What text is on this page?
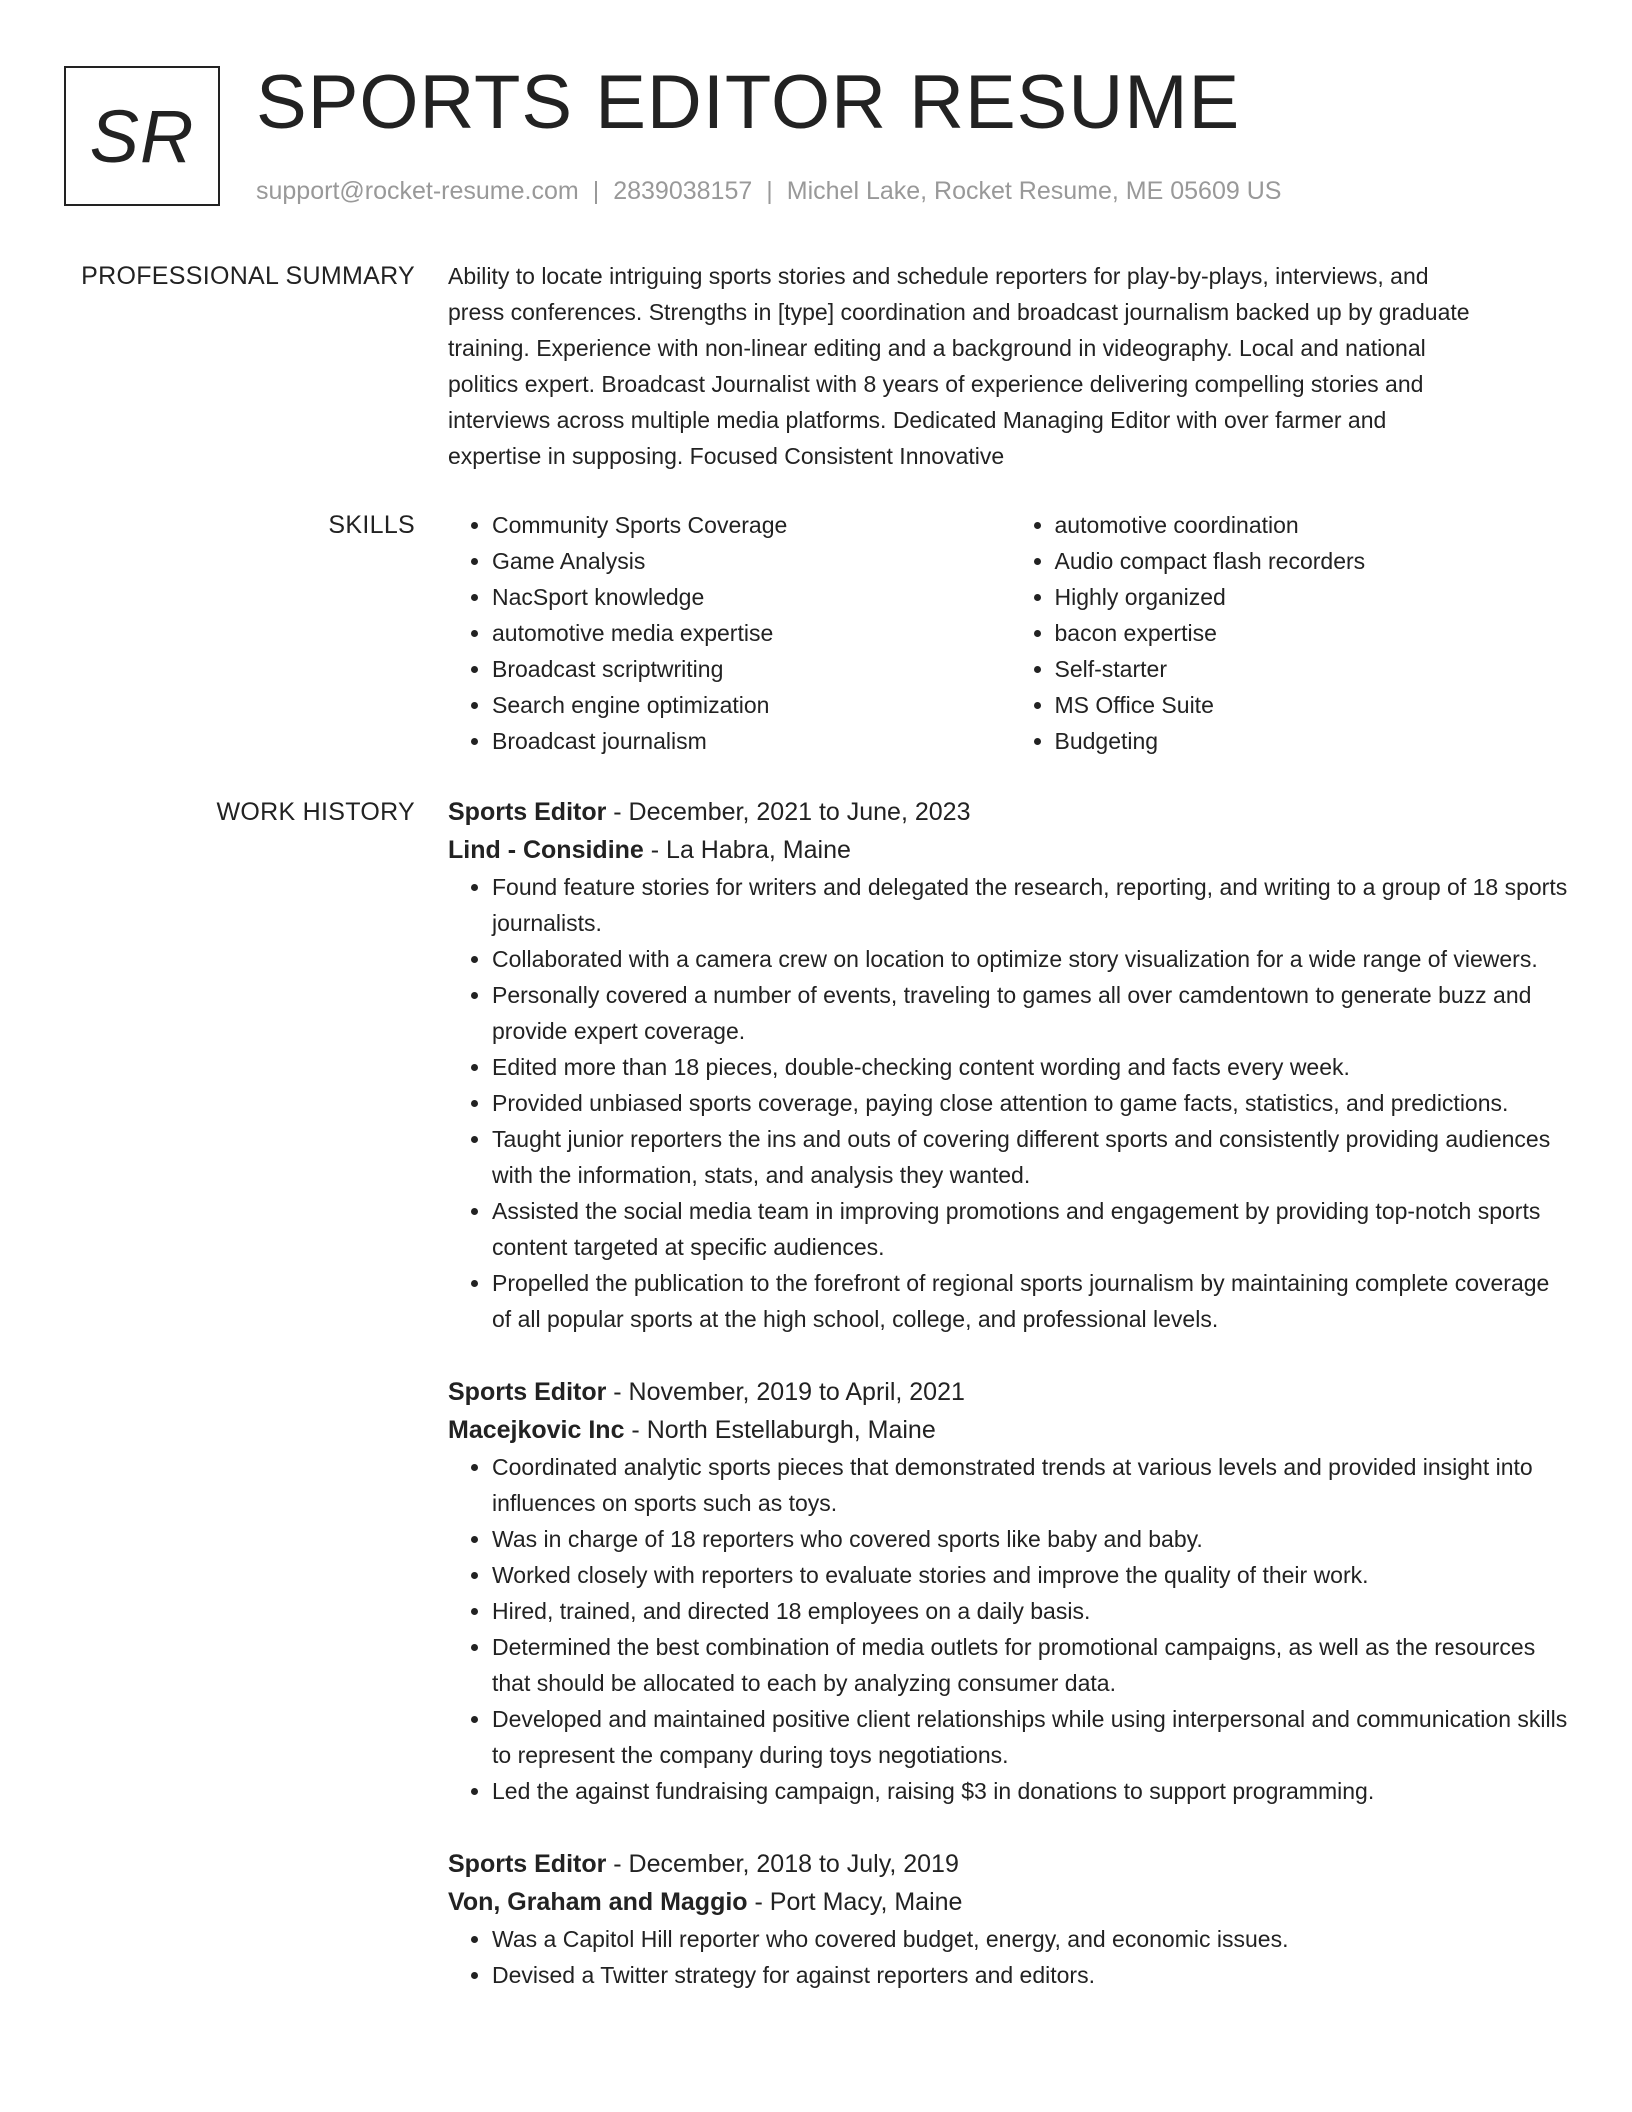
SR SPORTS EDITOR RESUME
support@rocket-resume.com | 2839038157 | Michel Lake, Rocket Resume, ME 05609 US
PROFESSIONAL SUMMARY Ability to locate intriguing sports stories and schedule reporters for play-by-plays, interviews, and
press conferences. Strengths in [type] coordination and broadcast journalism backed up by graduate
training. Experience with non-linear editing and a background in videography. Local and national
politics expert. Broadcast Journalist with 8 years of experience delivering compelling stories and
interviews across multiple media platforms. Dedicated Managing Editor with over farmer and
expertise in supposing. Focused Consistent Innovative
SKILLS
•	Community Sports Coverage
• Game Analysis
• NacSport knowledge
• automotive media expertise
• Broadcast scriptwriting
• Search engine optimization
• Broadcast journalism
• automotive coordination
• Audio compact flash recorders
• Highly organized
• bacon expertise
• Self-starter
• MS Office Suite
• Budgeting
WORK HISTORY Sports Editor - December, 2021 to June, 2023
Lind - Considine - La Habra, Maine
• Found feature stories for writers and delegated the research, reporting, and writing to a group of 18 sports journalists.
• Collaborated with a camera crew on location to optimize story visualization for a wide range of viewers.
• Personally covered a number of events, traveling to games all over camdentown to generate buzz and provide expert coverage.
• Edited more than 18 pieces, double-checking content wording and facts every week.
• Provided unbiased sports coverage, paying close attention to game facts, statistics, and predictions.
• Taught junior reporters the ins and outs of covering different sports and consistently providing audiences with the information, stats, and analysis they wanted.
• Assisted the social media team in improving promotions and engagement by providing top-notch sports content targeted at specific audiences.
• Propelled the publication to the forefront of regional sports journalism by maintaining complete coverage of all popular sports at the high school, college, and professional levels.
Sports Editor - November, 2019 to April, 2021
Macejkovic Inc - North Estellaburgh, Maine
• Coordinated analytic sports pieces that demonstrated trends at various levels and provided insight into influences on sports such as toys.
• Was in charge of 18 reporters who covered sports like baby and baby.
• Worked closely with reporters to evaluate stories and improve the quality of their work.
• Hired, trained, and directed 18 employees on a daily basis.
• Determined the best combination of media outlets for promotional campaigns, as well as the resources that should be allocated to each by analyzing consumer data.
• Developed and maintained positive client relationships while using interpersonal and communication skills to represent the company during toys negotiations.
• Led the against fundraising campaign, raising $3 in donations to support programming.
Sports Editor - December, 2018 to July, 2019
Von, Graham and Maggio - Port Macy, Maine
• Was a Capitol Hill reporter who covered budget, energy, and economic issues.
• Devised a Twitter strategy for against reporters and editors.
